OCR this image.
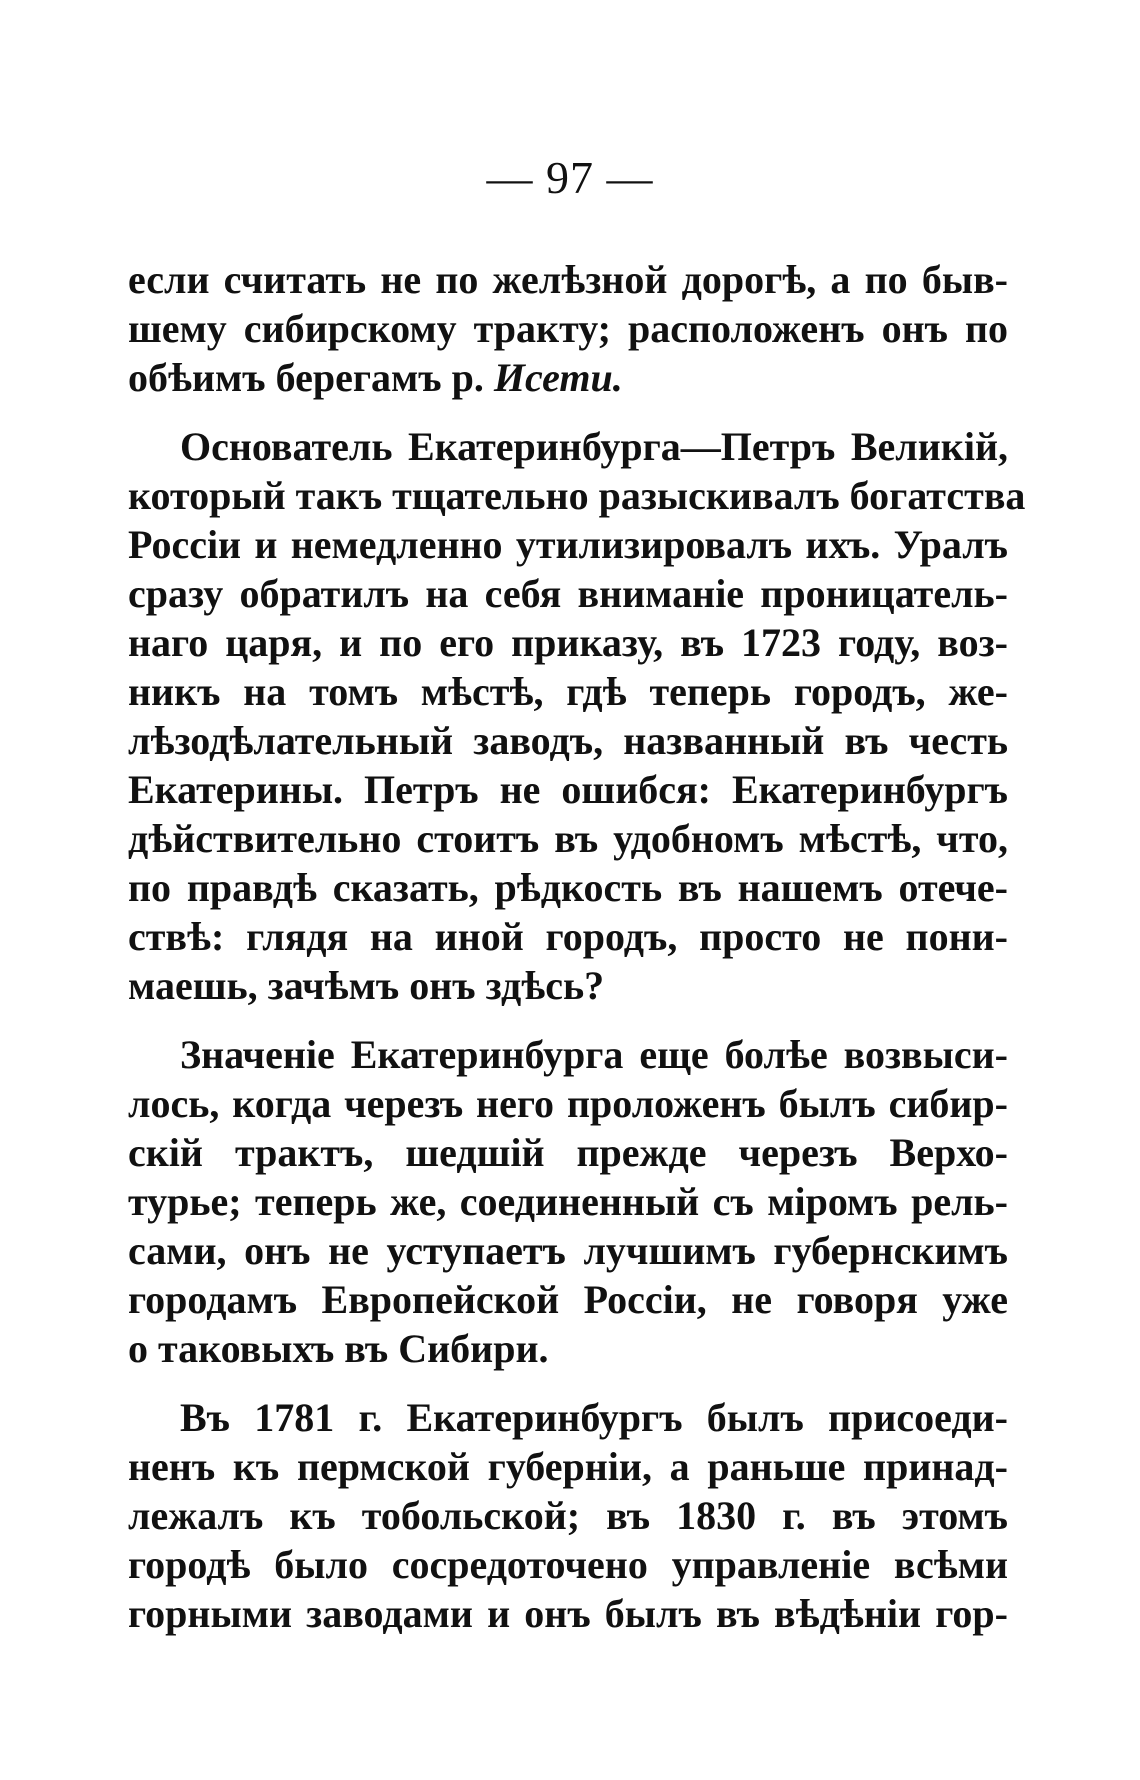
— 97 —
если считать не по желѣзной дорогѣ, а по быв-
шему сибирскому тракту; расположенъ онъ по
обѣимъ берегамъ р. Исети.
Основатель Екатеринбурга—Петръ Великій,
который такъ тщательно разыскивалъ богатства
Россіи и немедленно утилизировалъ ихъ. Уралъ
сразу обратилъ на себя вниманіе проницатель-
наго царя, и по его приказу, въ 1723 году, воз-
никъ на томъ мѣстѣ, гдѣ теперь городъ, же-
лѣзодѣлательный заводъ, названный въ честь
Екатерины. Петръ не ошибся: Екатеринбургъ
дѣйствительно стоитъ въ удобномъ мѣстѣ, что,
по правдѣ сказать, рѣдкость въ нашемъ отече-
ствѣ: глядя на иной городъ, просто не пони-
маешь, зачѣмъ онъ здѣсь?
Значеніе Екатеринбурга еще болѣе возвыси-
лось, когда черезъ него проложенъ былъ сибир-
скій трактъ, шедшій прежде черезъ Верхо-
турье; теперь же, соединенный съ міромъ рель-
сами, онъ не уступаетъ лучшимъ губернскимъ
городамъ Европейской Россіи, не говоря уже
о таковыхъ въ Сибири.
Въ 1781 г. Екатеринбургъ былъ присоеди-
ненъ къ пермской губерніи, а раньше принад-
лежалъ къ тобольской; въ 1830 г. въ этомъ
городѣ было сосредоточено управленіе всѣми
горными заводами и онъ былъ въ вѣдѣніи гор-
